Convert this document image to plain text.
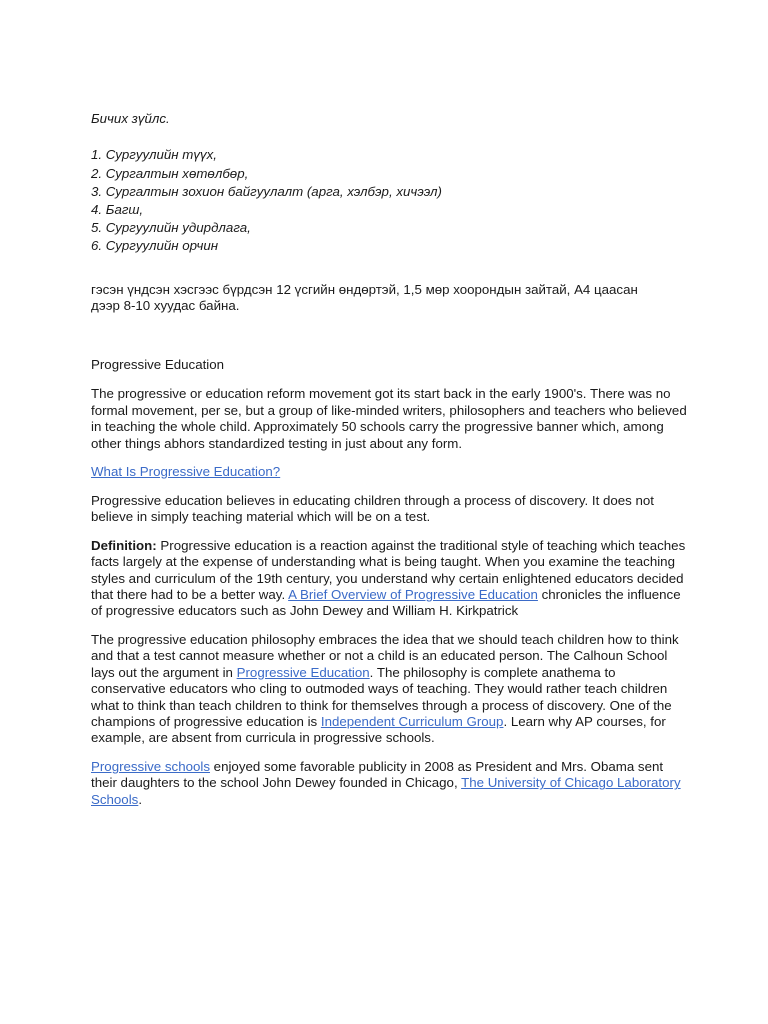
Бичих зүйлс.

1. Сургуулийн түүх,
2. Сургалтын хөтөлбөр,
3. Сургалтын зохион байгуулалт (арга, хэлбэр, хичээл)
4. Багш,
5. Сургуулийн удирдлага,
6. Сургуулийн орчин

гэсэн үндсэн хэсгээс бүрдсэн 12 үсгийн өндөртэй, 1,5 мөр хоорондын зайтай, А4 цаасан

дээр 8-10 хуудас байна.

Progressive Education

The progressive or education reform movement got its start back in the early 1900's. There was no formal movement, per se, but a group of like-minded writers, philosophers and teachers who believed in teaching the whole child. Approximately 50 schools carry the progressive banner which, among other things abhors standardized testing in just about any form.

What Is Progressive Education?

Progressive education believes in educating children through a process of discovery. It does not believe in simply teaching material which will be on a test.

Definition: Progressive education is a reaction against the traditional style of teaching which teaches facts largely at the expense of understanding what is being taught. When you examine the teaching styles and curriculum of the 19th century, you understand why certain enlightened educators decided that there had to be a better way. A Brief Overview of Progressive Education chronicles the influence of progressive educators such as John Dewey and William H. Kirkpatrick

The progressive education philosophy embraces the idea that we should teach children how to think and that a test cannot measure whether or not a child is an educated person. The Calhoun School lays out the argument in Progressive Education. The philosophy is complete anathema to conservative educators who cling to outmoded ways of teaching. They would rather teach children what to think than teach children to think for themselves through a process of discovery. One of the champions of progressive education is Independent Curriculum Group. Learn why AP courses, for example, are absent from curricula in progressive schools.

Progressive schools enjoyed some favorable publicity in 2008 as President and Mrs. Obama sent their daughters to the school John Dewey founded in Chicago, The University of Chicago Laboratory Schools.
